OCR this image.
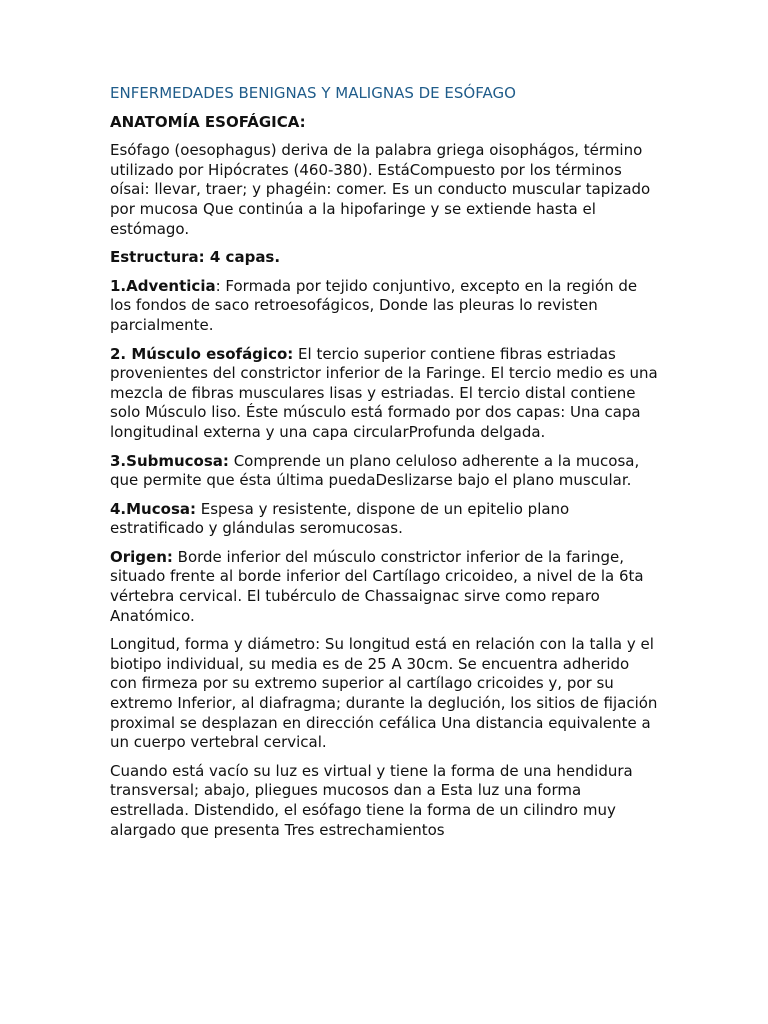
ENFERMEDADES BENIGNAS Y MALIGNAS DE ESÓFAGO
ANATOMÍA ESOFÁGICA:

Esófago (oesophagus) deriva de la palabra griega oisophágos, término utilizado por Hipócrates (460-380). EstáCompuesto por los términos oísai: llevar, traer; y phagéin: comer. Es un conducto muscular tapizado por mucosa Que continúa a la hipofaringe y se extiende hasta el estómago.

Estructura: 4 capas.

1.Adventicia: Formada por tejido conjuntivo, excepto en la región de los fondos de saco retroesofágicos, Donde las pleuras lo revisten parcialmente.

2. Músculo esofágico: El tercio superior contiene fibras estriadas provenientes del constrictor inferior de la Faringe. El tercio medio es una mezcla de fibras musculares lisas y estriadas. El tercio distal contiene solo Músculo liso. Éste músculo está formado por dos capas: Una capa longitudinal externa y una capa circularProfunda delgada.

3.Submucosa: Comprende un plano celuloso adherente a la mucosa, que permite que ésta última puedaDeslizarse bajo el plano muscular.

4.Mucosa: Espesa y resistente, dispone de un epitelio plano estratificado y glándulas seromucosas.

Origen: Borde inferior del músculo constrictor inferior de la faringe, situado frente al borde inferior del Cartílago cricoideo, a nivel de la 6ta vértebra cervical. El tubérculo de Chassaignac sirve como reparo Anatómico.

Longitud, forma y diámetro: Su longitud está en relación con la talla y el biotipo individual, su media es de 25 A 30cm. Se encuentra adherido con firmeza por su extremo superior al cartílago cricoides y, por su extremo Inferior, al diafragma; durante la deglución, los sitios de fijación proximal se desplazan en dirección cefálica Una distancia equivalente a un cuerpo vertebral cervical.

Cuando está vacío su luz es virtual y tiene la forma de una hendidura transversal; abajo, pliegues mucosos dan a Esta luz una forma estrellada. Distendido, el esófago tiene la forma de un cilindro muy alargado que presenta Tres estrechamientos
